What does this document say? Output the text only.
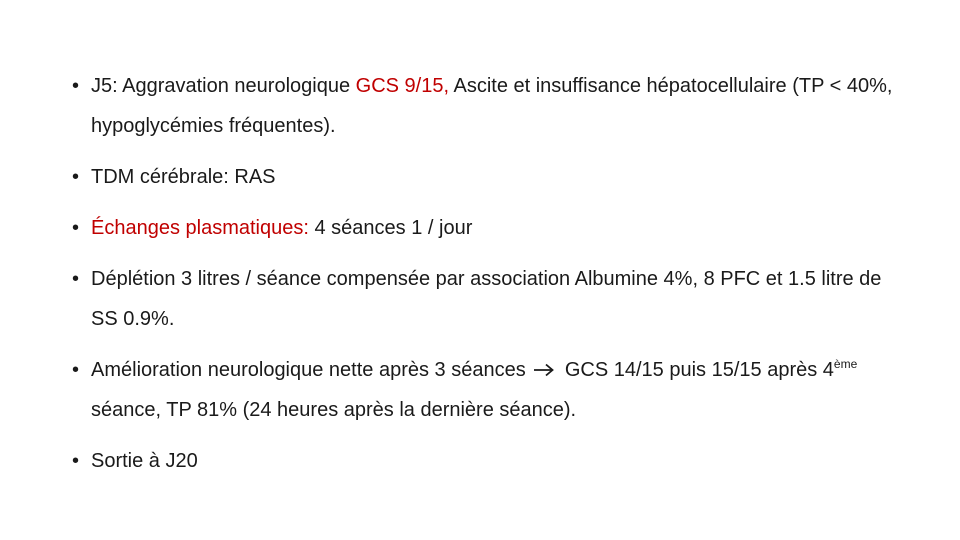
• J5: Aggravation neurologique GCS 9/15, Ascite et insuffisance hépatocellulaire (TP < 40%, hypoglycémies fréquentes).
• TDM cérébrale: RAS
• Échanges plasmatiques: 4 séances 1 / jour
• Déplétion 3 litres / séance compensée par association Albumine 4%, 8 PFC et 1.5 litre de SS 0.9%.
• Amélioration neurologique nette après 3 séances  GCS 14/15 puis 15/15 après 4ème séance, TP 81% (24 heures après la dernière séance).
• Sortie à J20
